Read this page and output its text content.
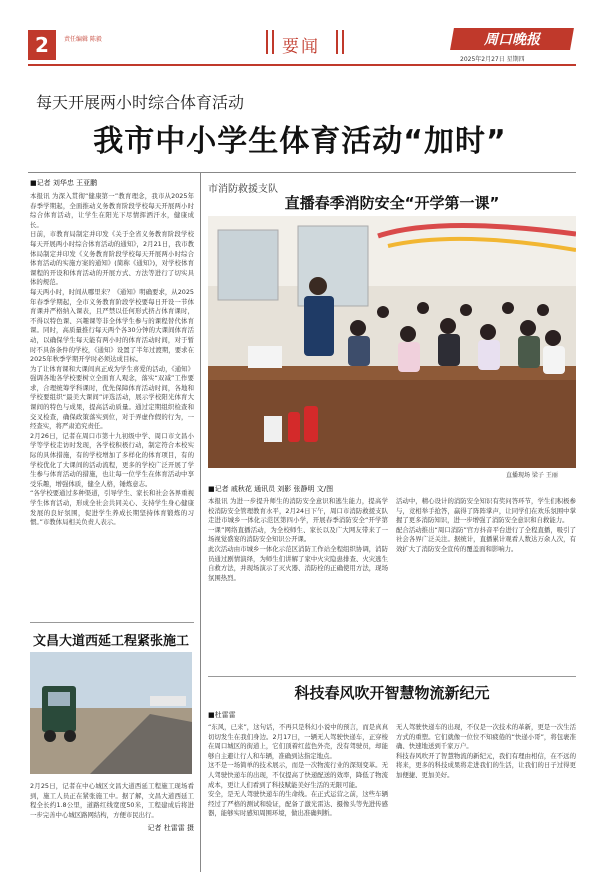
2	责任编辑 陈毅	要闻	周口晚报
2025年2月27日 星期四
每天开展两小时综合体育活动
我市中小学生体育活动“加时”
■记者 刘华忠 王亚鹏

本报讯 为深入贯彻“健康第一”教育理念，我市从2025年春季学期起，全面推动义务教育阶段学校每天开展两小时综合体育活动，让学生在阳光下尽情挥洒汗水，健康成长。

日前，市教育局制定并印发《关于全省义务教育阶段学校每天开展两小时综合体育活动的通知》，2月21日，我市教体局制定并印发《义务教育阶段学校每天开展两小时综合体育活动的实施方案的通知》(简称《通知》)，对学校体育课程的开设和体育活动的开展方式、方法等进行了切实具体的规范。

每天两小时，时间从哪里来？《通知》明确要求，从2025年春季学期起，全市义务教育阶段学校要每日开设一节体育课并严格纳入课表，且严禁以任何形式挤占体育课时，不得以特色课、兴趣课等非全体学生参与的课程替代体育课。同时，高质量推行每天两个各30分钟的大课间体育活动，以确保学生每天能有两小时的体育活动时间，对于暂时不具备条件的学校，《通知》设置了半年过渡期，要求在2025年秋季学期开学时必须达成目标。

为了让体育课和大课间真正成为学生喜爱的活动，《通知》强调各地各学校要树立全面育人观念，落实“双减”工作要求，合理统筹学科课时，优先保障体育活动时间，各地和学校要组织“最美大课间”评选活动，展示学校阳光体育大课间的特色与成果，提高活动质量。通过定期组织检查和交叉检查，确保政策落实到位，对于弄虚作假的行为，一经查实，将严肃追究责任。

2月26日，记者在周口市第十九初级中学、周口市文昌小学等学校走访时发现，各学校积极行动，制定符合本校实际的具体措施，有的学校增加了多样化的体育项目，有的学校优化了大课间的活动流程，更多的学校广泛开展了学生参与体育活动的措施，也让每一位学生在体育活动中享受乐趣，增强体质，健全人格，锤炼意志。

“各学校要通过多种渠道，引导学生、家长和社会各界重视学生体育活动，形成全社会共同关心、支持学生身心健康发展的良好氛围，促进学生养成长期坚持体育锻炼的习惯。”市教体局相关负责人表示。

市消防救援支队
直播春季消防安全“开学第一课”
直播现场 梁子 王丽
■记者 戚秋花 通讯员 刘影 张静明 文/图

本报讯 为进一步提升师生的消防安全意识和逃生能力，提高学校消防安全管理教育水平，2月24日下午，周口市消防救援支队走进市城乡一体化示范区第四小学，开展春季消防安全“开学第一课”网络直播活动，为全校师生、家长以及广大网友带来了一场视觉盛宴的消防安全知识公开课。

此次活动由市城乡一体化示范区消防工作站全程组织协调，消防员通过剧情演绎，为师生们讲解了家中火灾隐患排查、火灾逃生自救方法，并现场演示了灭火器、消防栓的正确使用方法，现场氛围热烈。

活动中，精心设计的消防安全知识有奖问答环节，学生们积极参与，竞相举手抢答，赢得了阵阵掌声，让同学们在欢乐氛围中掌握了更多消防知识，进一步增强了消防安全意识和自救能力。

配合活动推出“周口消防”官方抖音平台进行了全程直播，吸引了社会各界广泛关注。据统计，直播累计观看人数达万余人次，有效扩大了消防安全宣传的覆盖面和影响力。

文昌大道西延工程紧张施工

2月25日，记者在中心城区文昌大道西延工程施工现场看到，施工人员正在紧张施工中。据了解，文昌大道西延工程全长约1.8公里，道路红线宽度50米，工程建成后将进一步完善中心城区路网结构，方便市民出行。

记者 杜雷雷 摄
科技春风吹开智慧物流新纪元
■杜雷雷

“东风，已来”，这句话，不再只是科幻小说中的预言，而是真真切切发生在我们身边。2月17日，一辆无人驾驶快递车，正穿梭在周口城区的街道上，它们顶着红蓝色外壳，没有驾驶员，却能够自主避让行人和车辆，准确到达指定地点。

这不是一场简单的技术展示，而是一次物流行业的深刻变革。无人驾驶快递车的出现，不仅提高了快递配送的效率，降低了物流成本，更让人们看到了科技赋能美好生活的无限可能。

安全，是无人驾驶快递车的生命线。在正式运营之前，这些车辆经过了严格的测试和验证，配备了激光雷达、摄像头等先进传感器，能够实时感知周围环境，做出准确判断。

无人驾驶快递车的出现，不仅是一次技术的革新，更是一次生活方式的重塑。它们就像一位位不知疲倦的“快递小哥”，将包裹准确、快速地送到千家万户。

科技春风吹开了智慧物流的新纪元，我们有理由相信，在不远的将来，更多的科技成果将走进我们的生活，让我们的日子过得更加便捷、更加美好。
